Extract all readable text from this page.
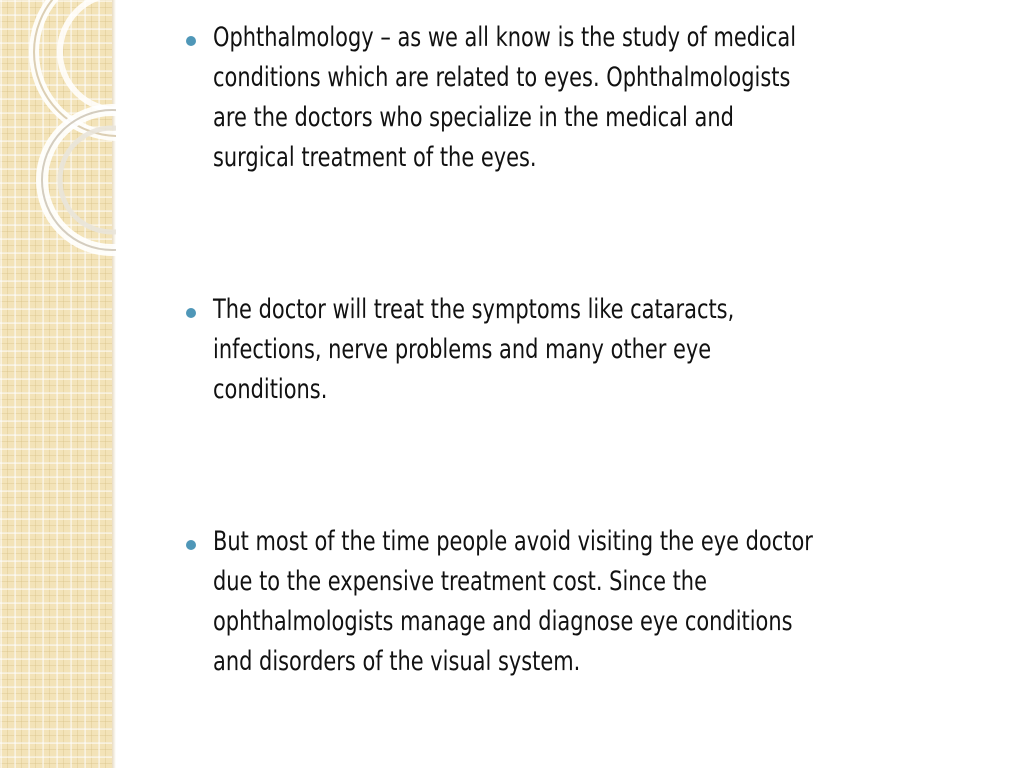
Ophthalmology – as we all know is the study of medical
conditions which are related to eyes. Ophthalmologists
are the doctors who specialize in the medical and
surgical treatment of the eyes.
The doctor will treat the symptoms like cataracts,
infections, nerve problems and many other eye
conditions.
But most of the time people avoid visiting the eye doctor
due to the expensive treatment cost. Since the
ophthalmologists manage and diagnose eye conditions
and disorders of the visual system.
